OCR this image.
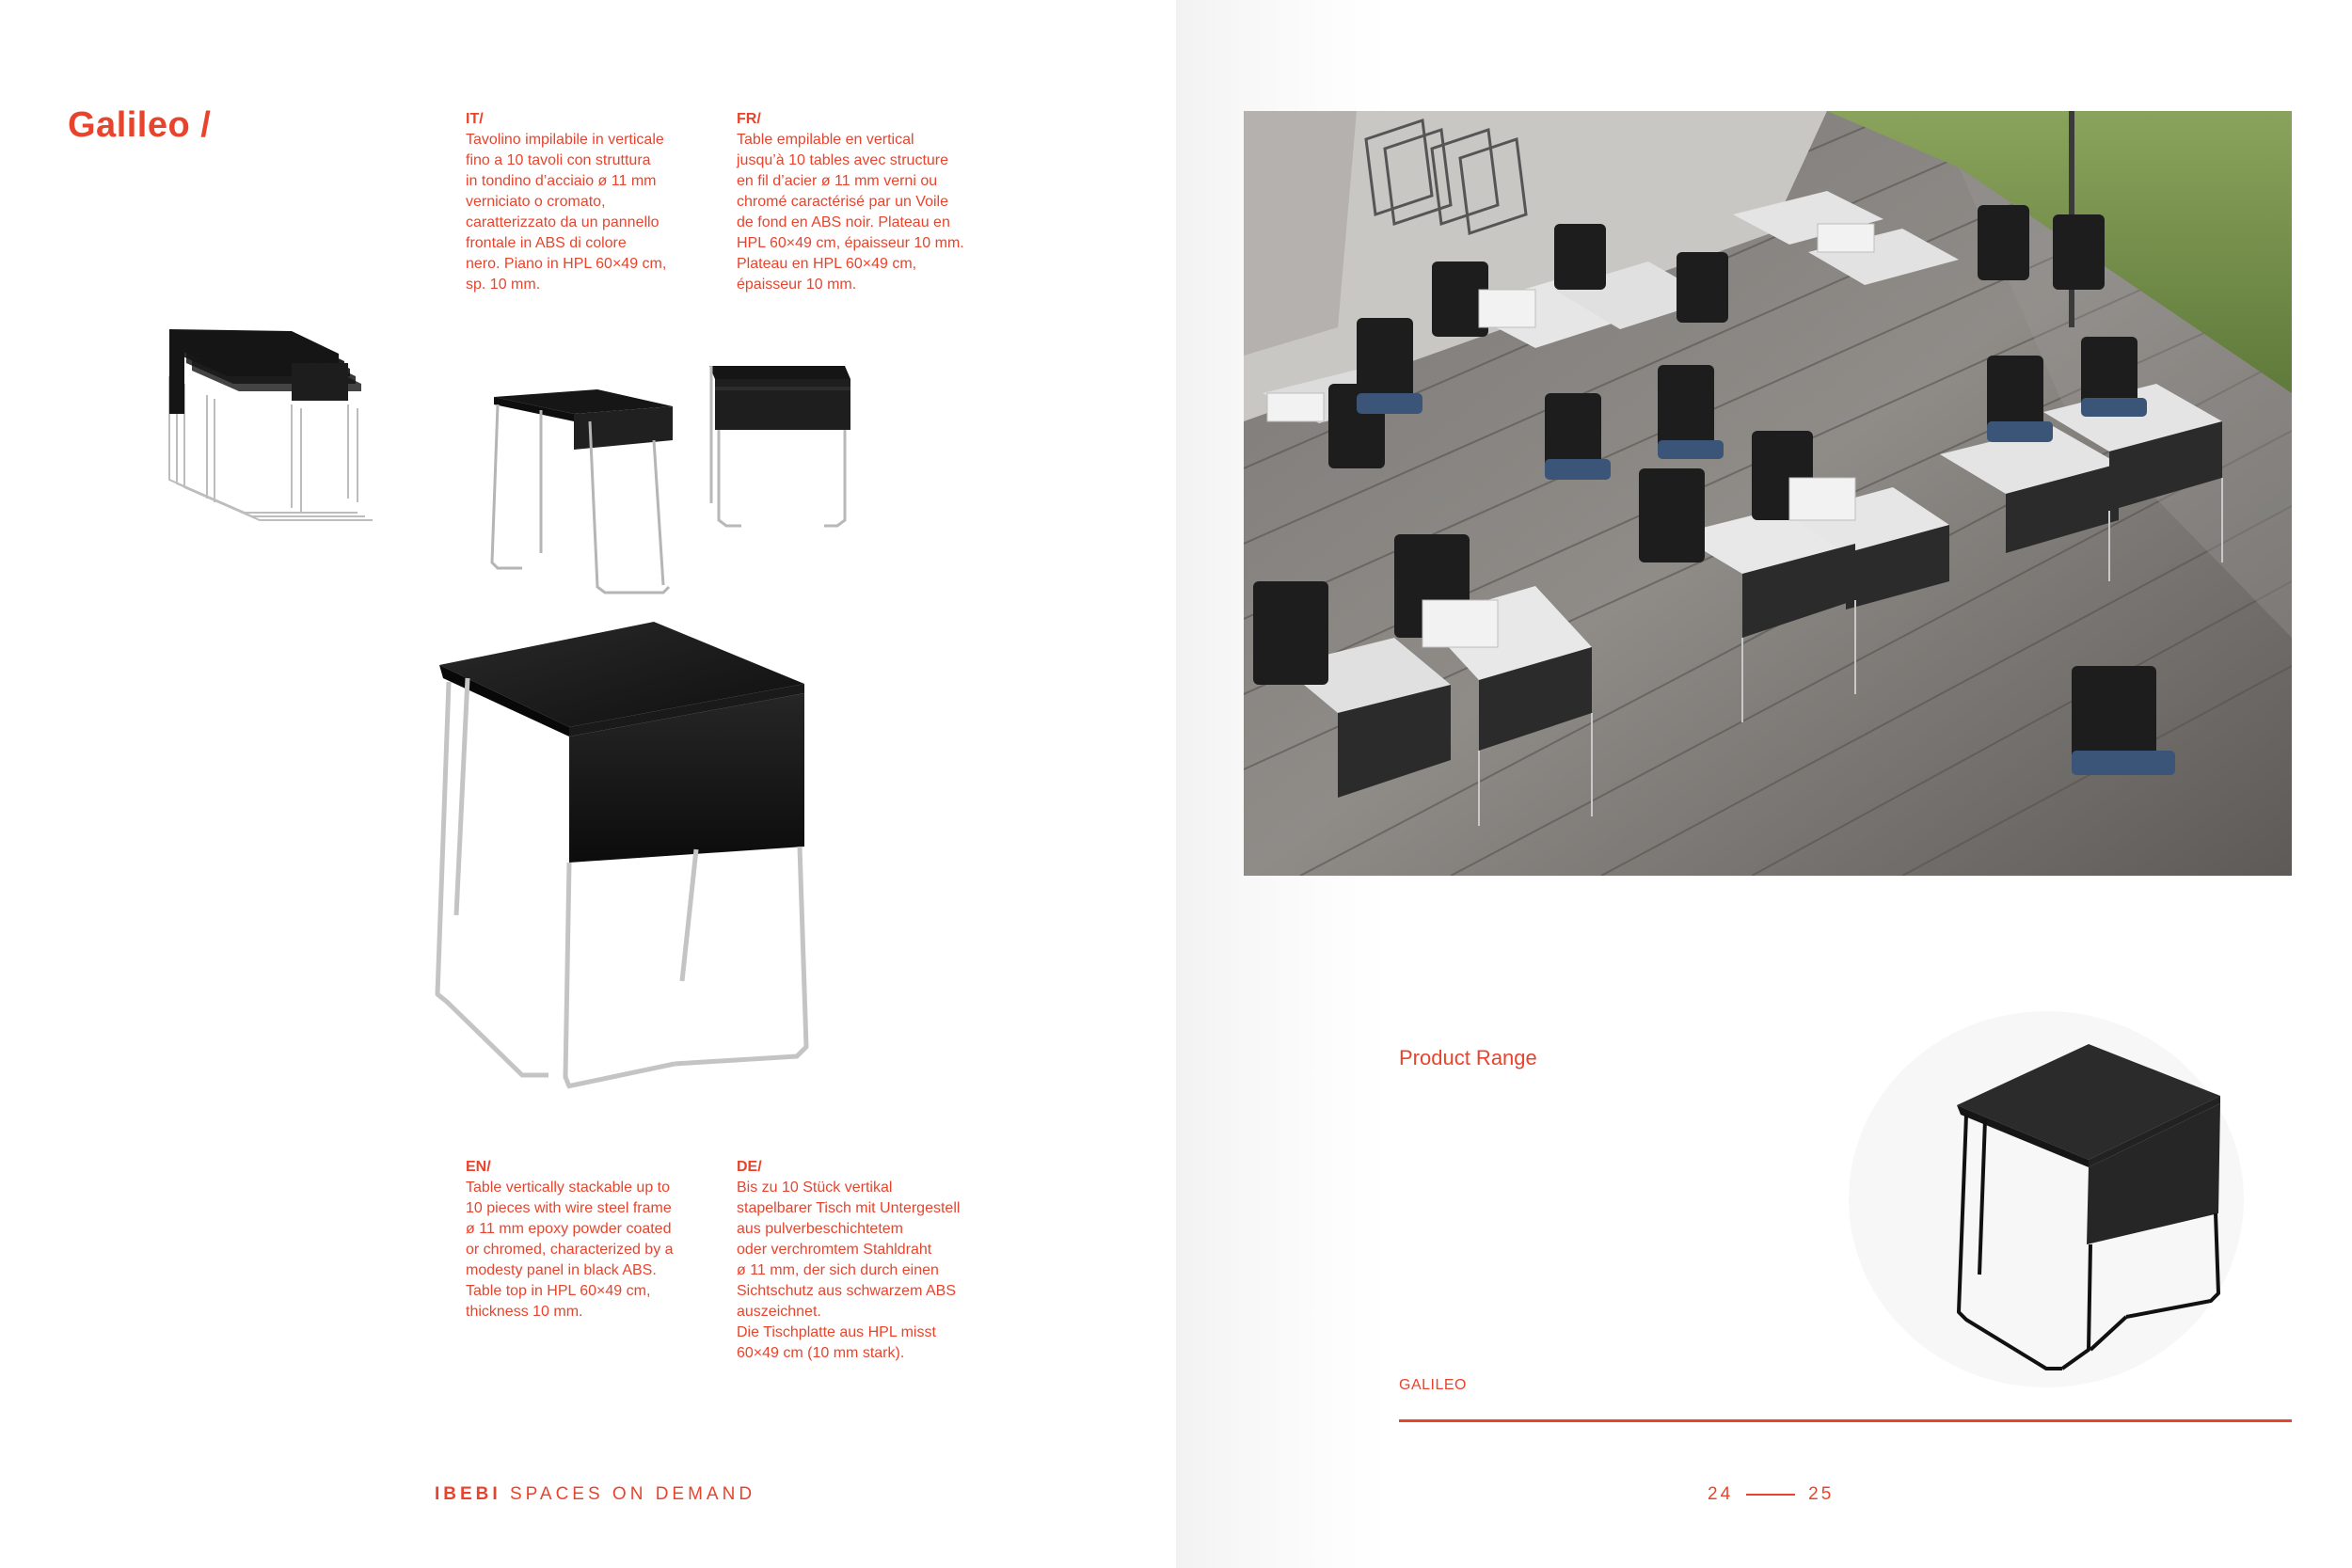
Galileo /	IT/
Tavolino impilabile in verticale
fino a 10 tavoli con struttura
in tondino d’acciaio ø 11 mm
verniciato o cromato,
caratterizzato da un pannello
frontale in ABS di colore
nero. Piano in HPL 60×49 cm,
sp. 10 mm.
FR/
Table empilable en vertical
jusqu’à 10 tables avec structure
en fil d’acier ø 11 mm verni ou
chromé caractérisé par un Voile
de fond en ABS noir. Plateau en
HPL 60×49 cm, épaisseur 10 mm.
Plateau en HPL 60×49 cm,
épaisseur 10 mm.
EN/
Table vertically stackable up to
10 pieces with wire steel frame
ø 11 mm epoxy powder coated
or chromed, characterized by a
modesty panel in black ABS.
Table top in HPL 60×49 cm,
thickness 10 mm.
DE/
Bis zu 10 Stück vertikal
stapelbarer Tisch mit Untergestell
aus pulverbeschichtetem
oder verchromtem Stahldraht
ø 11 mm, der sich durch einen
Sichtschutz aus schwarzem ABS
auszeichnet.
Die Tischplatte aus HPL misst
60×49 cm (10 mm stark).
IBEBI SPACES ON DEMAND
Product Range
GALILEO
24	25
